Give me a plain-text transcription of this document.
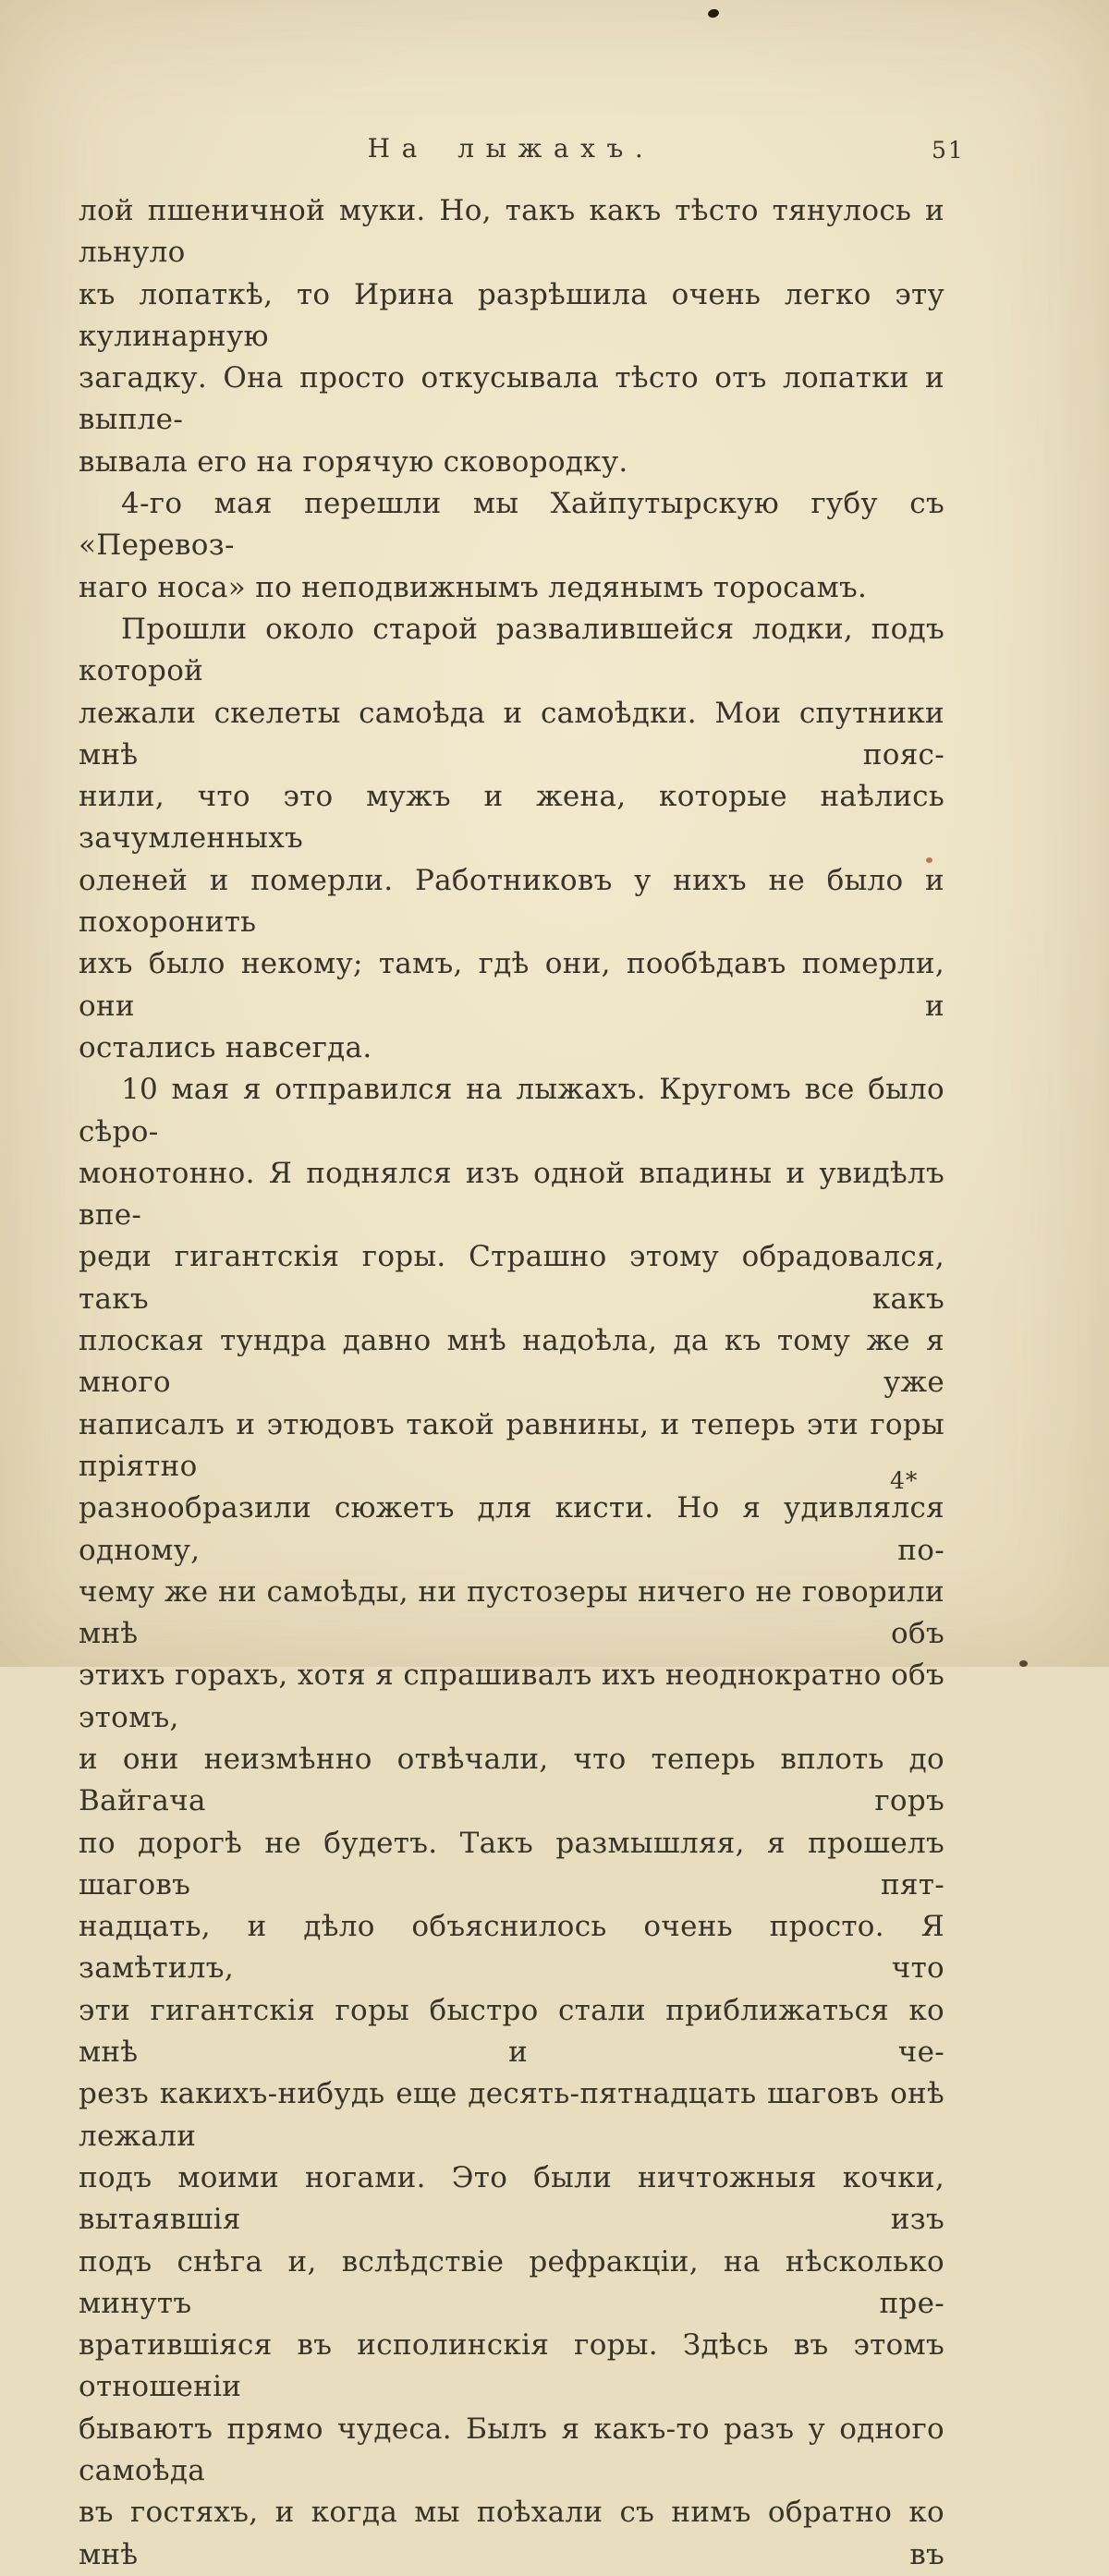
На лыжахъ.	51
лой пшеничной муки. Но, такъ какъ тѣсто тянулось и льнуло
къ лопаткѣ, то Ирина разрѣшила очень легко эту кулинарную
загадку. Она просто откусывала тѣсто отъ лопатки и выпле-
вывала его на горячую сковородку.
4-го мая перешли мы Хайпутырскую губу съ «Перевоз-
наго носа» по неподвижнымъ ледянымъ торосамъ.
Прошли около старой развалившейся лодки, подъ которой
лежали скелеты самоѣда и самоѣдки. Мои спутники мнѣ пояс-
нили, что это мужъ и жена, которые наѣлись зачумленныхъ
оленей и померли. Работниковъ у нихъ не было и похоронить
ихъ было некому; тамъ, гдѣ они, пообѣдавъ померли, они и
остались навсегда.
10 мая я отправился на лыжахъ. Кругомъ все было сѣро-
монотонно. Я поднялся изъ одной впадины и увидѣлъ впе-
реди гигантскія горы. Страшно этому обрадовался, такъ какъ
плоская тундра давно мнѣ надоѣла, да къ тому же я много уже
написалъ и этюдовъ такой равнины, и теперь эти горы пріятно
разнообразили сюжетъ для кисти. Но я удивлялся одному, по-
чему же ни самоѣды, ни пустозеры ничего не говорили мнѣ объ
этихъ горахъ, хотя я спрашивалъ ихъ неоднократно объ этомъ,
и они неизмѣнно отвѣчали, что теперь вплоть до Вайгача горъ
по дорогѣ не будетъ. Такъ размышляя, я прошелъ шаговъ пят-
надцать, и дѣло объяснилось очень просто. Я замѣтилъ, что
эти гигантскія горы быстро стали приближаться ко мнѣ и че-
резъ какихъ-нибудь еще десять-пятнадцать шаговъ онѣ лежали
подъ моими ногами. Это были ничтожныя кочки, вытаявшія изъ
подъ снѣга и, вслѣдствіе рефракціи, на нѣсколько минутъ пре-
вратившіяся въ исполинскія горы. Здѣсь въ этомъ отношеніи
бываютъ прямо чудеса. Былъ я какъ-то разъ у одного самоѣда
въ гостяхъ, и когда мы поѣхали съ нимъ обратно ко мнѣ въ
4*
